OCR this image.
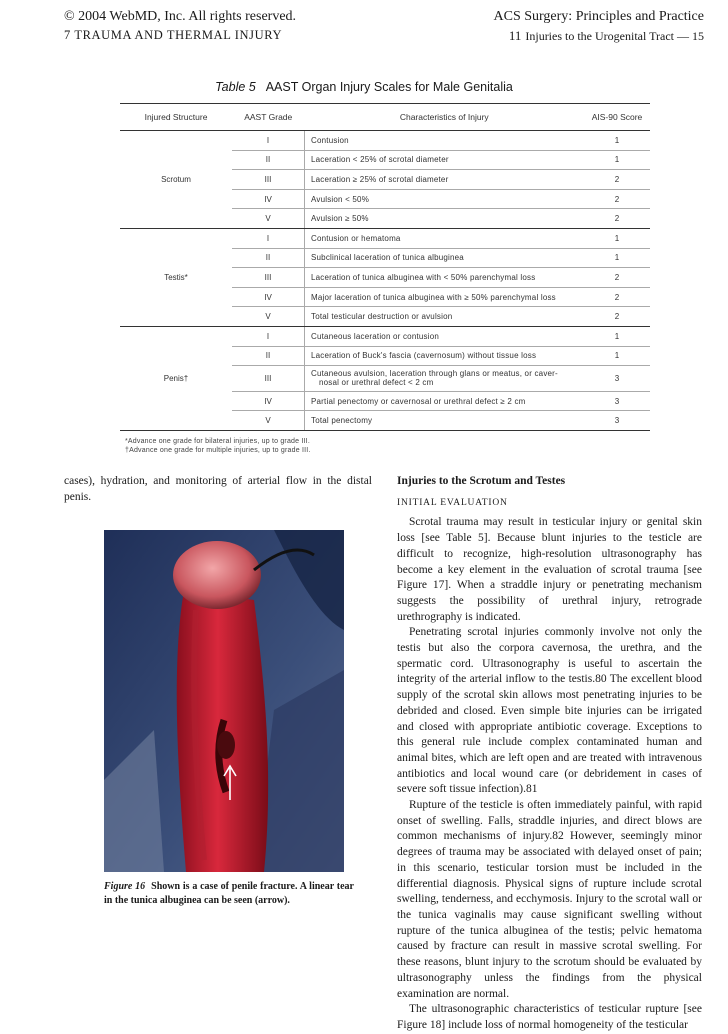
© 2004 WebMD, Inc. All rights reserved.
7 TRAUMA AND THERMAL INJURY
ACS Surgery: Principles and Practice
11 Injuries to the Urogenital Tract — 15
Table 5 AAST Organ Injury Scales for Male Genitalia
Injured Structure	AAST Grade	Characteristics of Injury	AIS-90 Score
Scrotum	I	Contusion	1
	II	Laceration < 25% of scrotal diameter	1
	III	Laceration ≥ 25% of scrotal diameter	2
	IV	Avulsion < 50%	2
	V	Avulsion ≥ 50%	2
Testis*	I	Contusion or hematoma	1
	II	Subclinical laceration of tunica albuginea	1
	III	Laceration of tunica albuginea with < 50% parenchymal loss	2
	IV	Major laceration of tunica albuginea with ≥ 50% parenchymal loss	2
	V	Total testicular destruction or avulsion	2
Penis†	I	Cutaneous laceration or contusion	1
	II	Laceration of Buck's fascia (cavernosum) without tissue loss	1
	III	Cutaneous avulsion, laceration through glans or meatus, or caver-
nosal or urethral defect < 2 cm	3
	IV	Partial penectomy or cavernosal or urethral defect ≥ 2 cm	3
	V	Total penectomy	3
*Advance one grade for bilateral injuries, up to grade III.
†Advance one grade for multiple injuries, up to grade III.
cases), hydration, and monitoring of arterial flow in the distal penis.
Figure 16 Shown is a case of penile fracture. A linear tear in the tunica albuginea can be seen (arrow).
Injuries to the Scrotum and Testes
INITIAL EVALUATION

Scrotal trauma may result in testicular injury or genital skin loss [see Table 5]. Because blunt injuries to the testicle are difficult to recognize, high-resolution ultrasonography has become a key element in the evaluation of scrotal trauma [see Figure 17]. When a straddle injury or penetrating mechanism suggests the possibility of urethral injury, retrograde urethrography is indicated.

Penetrating scrotal injuries commonly involve not only the testis but also the corpora cavernosa, the urethra, and the spermatic cord. Ultrasonography is useful to ascertain the integrity of the arterial inflow to the testis.80 The excellent blood supply of the scrotal skin allows most penetrating injuries to be debrided and closed. Even simple bite injuries can be irrigated and closed with appropriate antibiotic coverage. Exceptions to this general rule include complex contaminated human and animal bites, which are left open and are treated with intravenous antibiotics and local wound care (or debridement in cases of severe soft tissue infection).81

Rupture of the testicle is often immediately painful, with rapid onset of swelling. Falls, straddle injuries, and direct blows are common mechanisms of injury.82 However, seemingly minor degrees of trauma may be associated with delayed onset of pain; in this scenario, testicular torsion must be included in the differential diagnosis. Physical signs of rupture include scrotal swelling, tenderness, and ecchymosis. Injury to the scrotal wall or the tunica vaginalis may cause significant swelling without rupture of the tunica albuginea of the testis; pelvic hematoma caused by fracture can result in massive scrotal swelling. For these reasons, blunt injury to the scrotum should be evaluated by ultrasonography unless the findings from the physical examination are normal.

The ultrasonographic characteristics of testicular rupture [see Figure 18] include loss of normal homogeneity of the testicular
